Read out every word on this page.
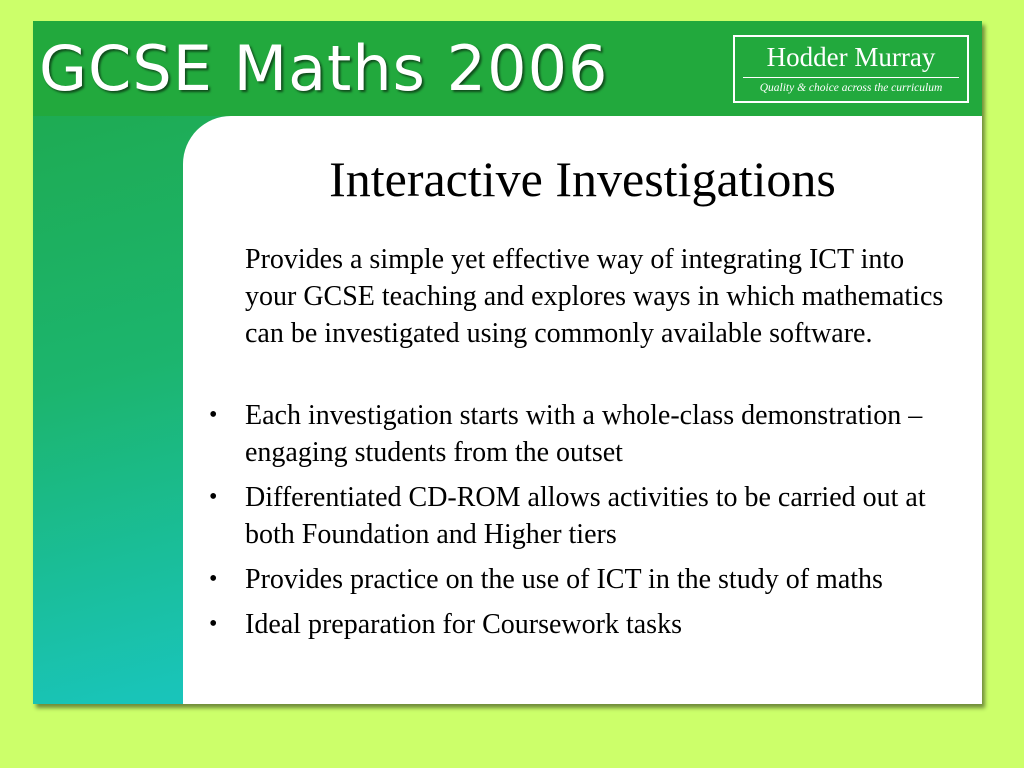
GCSE Maths 2006	Hodder Murray
Quality & choice across the curriculum
Interactive Investigations

Provides a simple yet effective way of integrating ICT into your GCSE teaching and explores ways in which mathematics can be investigated using commonly available software.

• Each investigation starts with a whole-class demonstration – engaging students from the outset
• Differentiated CD-ROM allows activities to be carried out at  both Foundation and Higher tiers
• Provides practice on the use of ICT in the study of maths
• Ideal preparation for Coursework tasks
